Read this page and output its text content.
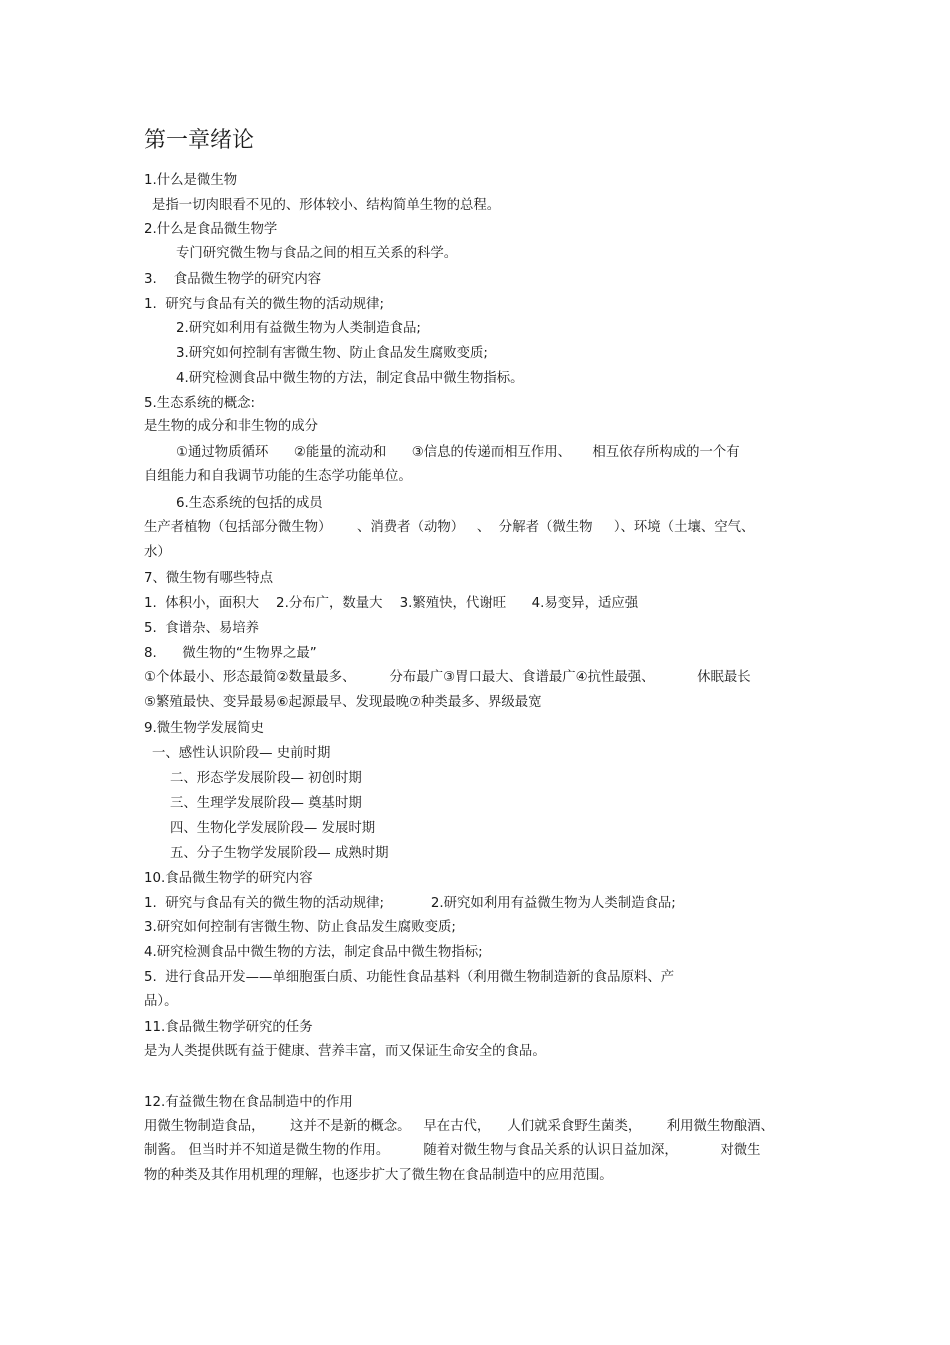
第一章绪论
1.什么是微生物
是指一切肉眼看不见的、形体较小、结构简单生物的总程。
2.什么是食品微生物学
专门研究微生物与食品之间的相互关系的科学。
3.    食品微生物学的研究内容
1.  研究与食品有关的微生物的活动规律;
2.研究如利用有益微生物为人类制造食品;
3.研究如何控制有害微生物、防止食品发生腐败变质;
4.研究检测食品中微生物的方法，制定食品中微生物指标。
5.生态系统的概念:
是生物的成分和非生物的成分
①通过物质循环      ②能量的流动和      ③信息的传递而相互作用、     相互依存所构成的一个有
自组能力和自我调节功能的生态学功能单位。
6.生态系统的包括的成员
生产者植物（包括部分微生物）      、消费者（动物）   、  分解者（微生物     ）、环境（土壤、空气、
水）
7、微生物有哪些特点
1.  体积小，面积大    2.分布广，数量大    3.繁殖快，代谢旺      4.易变异，适应强
5.  食谱杂、易培养
8.      微生物的“生物界之最”
①个体最小、形态最简②数量最多、        分布最广③胃口最大、食谱最广④抗性最强、          休眠最长
⑤繁殖最快、变异最易⑥起源最早、发现最晚⑦种类最多、界级最宽
9.微生物学发展简史
一、感性认识阶段— 史前时期
二、形态学发展阶段— 初创时期
三、生理学发展阶段— 奠基时期
四、生物化学发展阶段— 发展时期
五、分子生物学发展阶段— 成熟时期
10.食品微生物学的研究内容
1.  研究与食品有关的微生物的活动规律;           2.研究如利用有益微生物为人类制造食品;
3.研究如何控制有害微生物、防止食品发生腐败变质;
4.研究检测食品中微生物的方法，制定食品中微生物指标;
5.  进行食品开发——单细胞蛋白质、功能性食品基料（利用微生物制造新的食品原料、产
品）。
11.食品微生物学研究的任务
是为人类提供既有益于健康、营养丰富，而又保证生命安全的食品。
12.有益微生物在食品制造中的作用
用微生物制造食品，      这并不是新的概念。   早在古代，    人们就采食野生菌类，      利用微生物酿酒、
制酱。 但当时并不知道是微生物的作用。        随着对微生物与食品关系的认识日益加深，          对微生
物的种类及其作用机理的理解，也逐步扩大了微生物在食品制造中的应用范围。
